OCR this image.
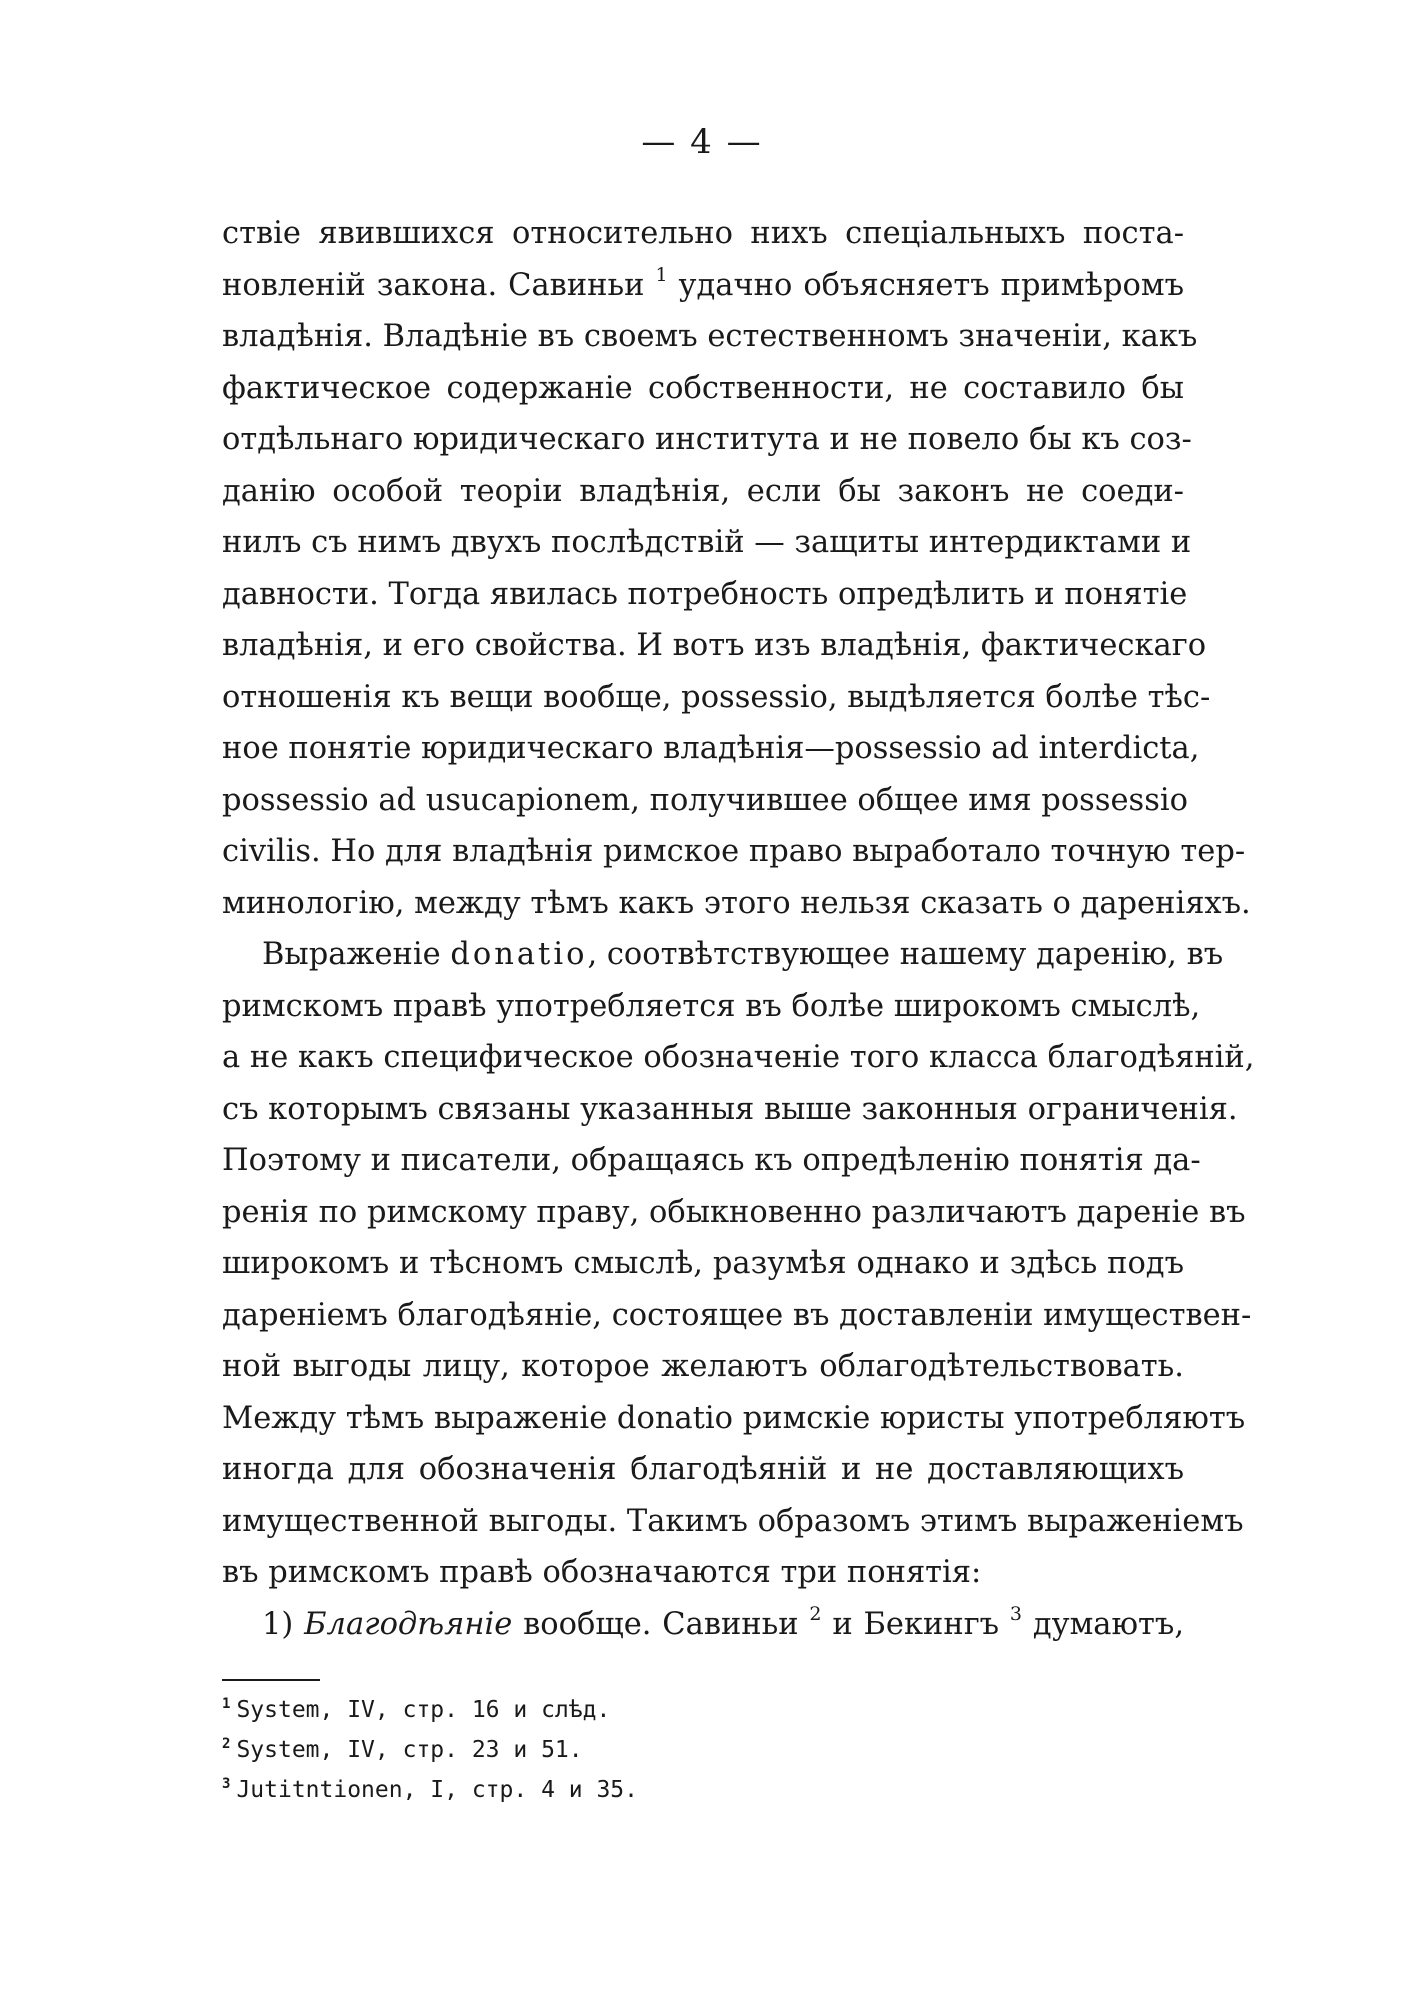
— 4 —
ствіе явившихся относительно нихъ спеціальныхъ поста-
новленій закона. Савиньи $^1$ удачно объясняетъ примѣромъ
владѣнія. Владѣніе въ своемъ естественномъ значеніи, какъ
фактическое содержаніе собственности, не составило бы
отдѣльнаго юридическаго института и не повело бы къ соз-
данію особой теоріи владѣнія, если бы законъ не соеди-
нилъ съ нимъ двухъ послѣдствій — защиты интердиктами и
давности. Тогда явилась потребность опредѣлить и понятіе
владѣнія, и его свойства. И вотъ изъ владѣнія, фактическаго
отношенія къ вещи вообще, possessio, выдѣляется болѣе тѣс-
ное понятіе юридическаго владѣнія—possessio ad interdicta,
possessio ad usucapionem, получившее общее имя possessio
civilis. Но для владѣнія римское право выработало точную тер-
минологію, между тѣмъ какъ этого нельзя сказать о дареніяхъ.
Выраженіе donatio, соотвѣтствующее нашему даренію, въ
римскомъ правѣ употребляется въ болѣе широкомъ смыслѣ,
а не какъ специфическое обозначеніе того класса благодѣяній,
съ которымъ связаны указанныя выше законныя ограниченія.
Поэтому и писатели, обращаясь къ опредѣленію понятія да-
ренія по римскому праву, обыкновенно различаютъ дареніе въ
широкомъ и тѣсномъ смыслѣ, разумѣя однако и здѣсь подъ
дареніемъ благодѣяніе, состоящее въ доставленіи имуществен-
ной выгоды лицу, которое желаютъ облагодѣтельствовать.
Между тѣмъ выраженіе donatio римскіе юристы употребляютъ
иногда для обозначенія благодѣяній и не доставляющихъ
имущественной выгоды. Такимъ образомъ этимъ выраженіемъ
въ римскомъ правѣ обозначаются три понятія:
1) Благодѣяніе вообще. Савиньи $^2$ и Бекингъ $^3$ думаютъ,
$^1$ System, IV, стр. 16 и слѣд.
$^2$ System, IV, стр. 23 и 51.
$^3$ Jutitntionen, I, стр. 4 и 35.
